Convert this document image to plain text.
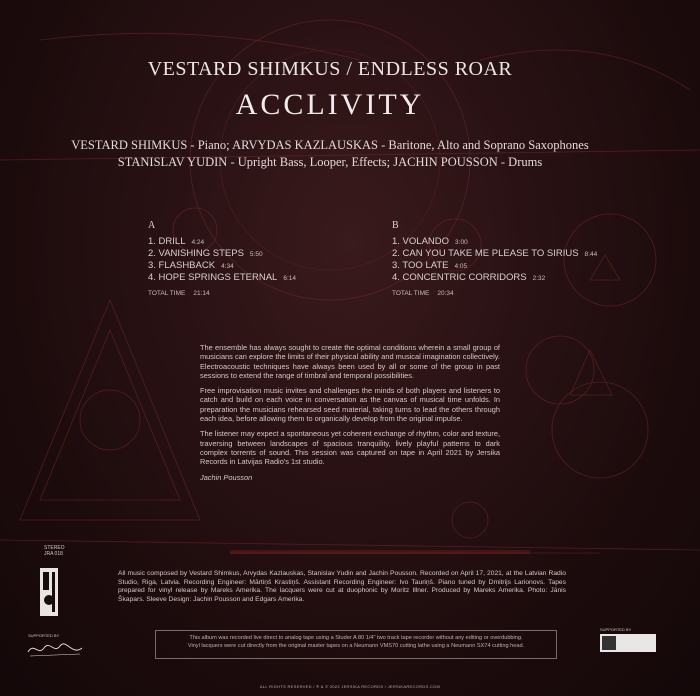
VESTARD SHIMKUS / ENDLESS ROAR
ACCLIVITY
VESTARD SHIMKUS - Piano; ARVYDAS KAZLAUSKAS - Baritone, Alto and Soprano Saxophones
STANISLAV YUDIN - Upright Bass, Looper, Effects; JACHIN POUSSON - Drums
A
1. DRILL 4:24
2. VANISHING STEPS 5:50
3. FLASHBACK 4:34
4. HOPE SPRINGS ETERNAL 6:14
TOTAL TIME 21:14
B
1. VOLANDO 3:00
2. CAN YOU TAKE ME PLEASE TO SIRIUS 8:44
3. TOO LATE 4:05
4. CONCENTRIC CORRIDORS 2:32
TOTAL TIME 20:34

The ensemble has always sought to create the optimal conditions wherein a small group of musicians can explore the limits of their physical ability and musical imagination collectively. Electroacoustic techniques have always been used by all or some of the group in past sessions to extend the range of timbral and temporal possibilities.

Free improvisation music invites and challenges the minds of both players and listeners to catch and build on each voice in conversation as the canvas of musical time unfolds. In preparation the musicians rehearsed seed material, taking turns to lead the others through each idea, before allowing them to organically develop from the original impulse.

The listener may expect a spontaneous yet coherent exchange of rhythm, color and texture, traversing between landscapes of spacious tranquility, lively playful patterns to dark complex torrents of sound. This session was captured on tape in April 2021 by Jersika Records in Latvijas Radio's 1st studio.

Jachin Pousson
STEREO
JRA 018
SUPPORTED BY
All music composed by Vestard Shimkus, Arvydas Kazlauskas, Stanislav Yudin and Jachin Pousson. Recorded on April 17, 2021, at the Latvian Radio Studio, Riga, Latvia. Recording Engineer: Mārtiņš Krastiņš. Assistant Recording Engineer: Ivo Tauriņš. Piano tuned by Dmitrijs Larionovs. Tapes prepared for vinyl release by Mareks Amerika. The lacquers were cut at duophonic by Moritz Illner. Produced by Mareks Amerika. Photo: Jānis Škapars. Sleeve Design: Jachin Pousson and Edgars Amerika.
This album was recorded live direct to analog tape using a Studer A 80 1/4" two track tape recorder without any editing or overdubbing.
Vinyl lacquers were cut directly from the original master tapes on a Neumann VMS70 cutting lathe using a Neumann SX74 cutting head.
SUPPORTED BY
ALL RIGHTS RESERVED / ℗ & © 2022 JERSIKA RECORDS / JERSIKARECORDS.COM
